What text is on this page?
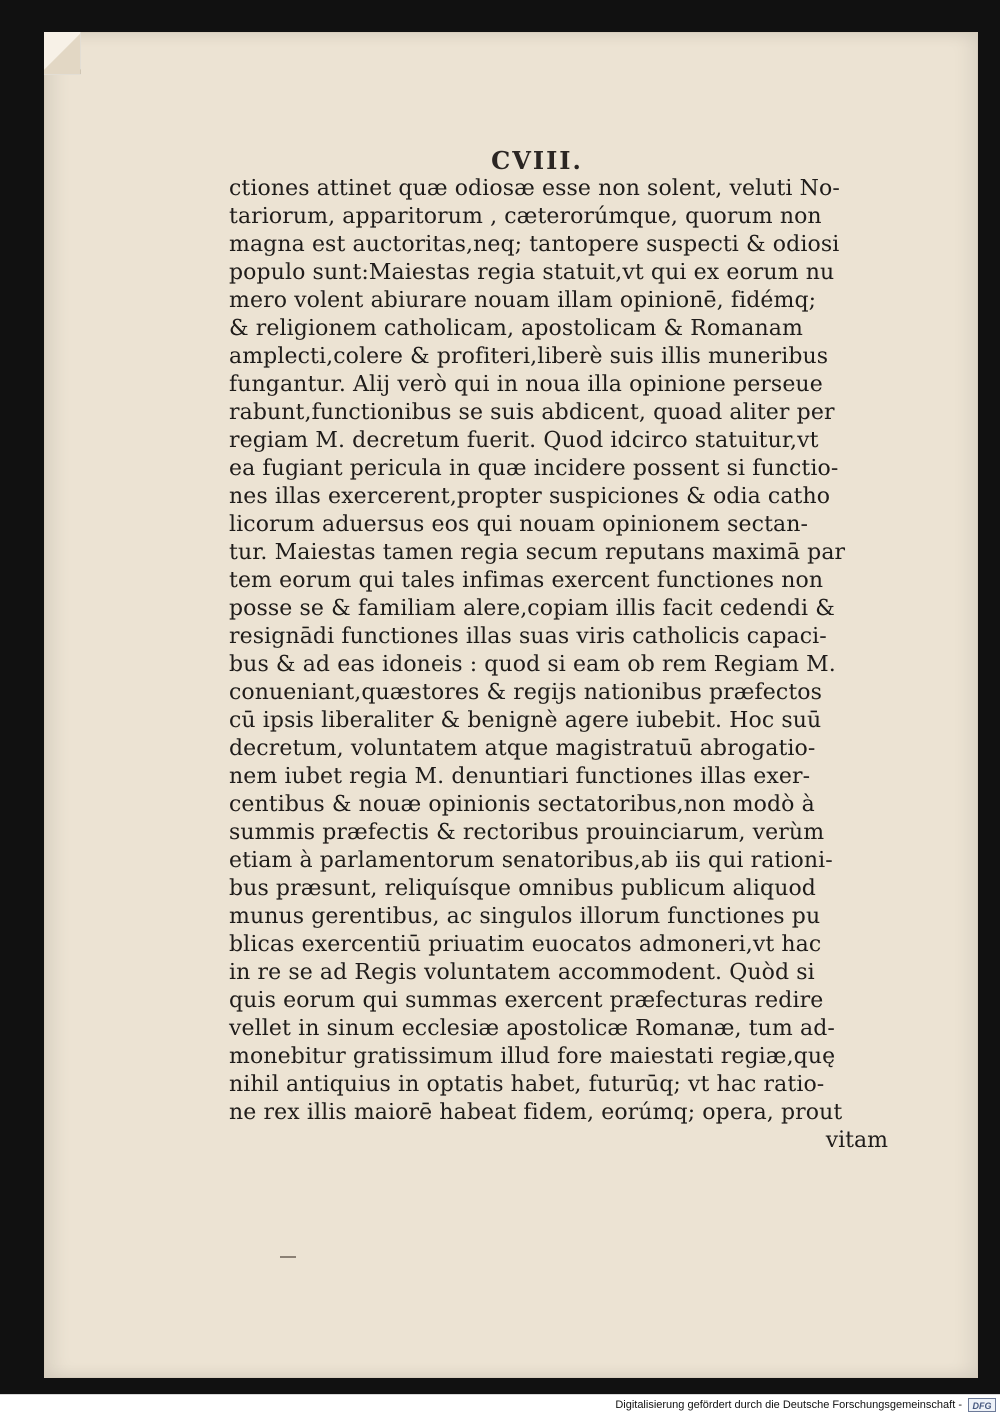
CVIII.
ctiones attinet quæ odiosæ esse non solent, veluti No-
tariorum, apparitorum , cæterorúmque, quorum non
magna est auctoritas,neq; tantopere suspecti & odiosi
populo sunt:Maiestas regia statuit,vt qui ex eorum nu
mero volent abiurare nouam illam opinionē, fidémq;
& religionem catholicam, apostolicam & Romanam
amplecti,colere & profiteri,liberè suis illis muneribus
fungantur. Alij verò qui in noua illa opinione perseue
rabunt,functionibus se suis abdicent, quoad aliter per
regiam M. decretum fuerit. Quod idcirco statuitur,vt
ea fugiant pericula in quæ incidere possent si functio-
nes illas exercerent,propter suspiciones & odia catho
licorum aduersus eos qui nouam opinionem sectan-
tur. Maiestas tamen regia secum reputans maximā par
tem eorum qui tales infimas exercent functiones non
posse se & familiam alere,copiam illis facit cedendi &
resignādi functiones illas suas viris catholicis capaci-
bus & ad eas idoneis : quod si eam ob rem Regiam M.
conueniant,quæstores & regijs nationibus præfectos
cū ipsis liberaliter & benignè agere iubebit. Hoc suū
decretum, voluntatem atque magistratuū abrogatio-
nem iubet regia M. denuntiari functiones illas exer-
centibus & nouæ opinionis sectatoribus,non modò à
summis præfectis & rectoribus prouinciarum, verùm
etiam à parlamentorum senatoribus,ab iis qui rationi-
bus præsunt, reliquísque omnibus publicum aliquod
munus gerentibus, ac singulos illorum functiones pu
blicas exercentiū priuatim euocatos admoneri,vt hac
in re se ad Regis voluntatem accommodent. Quòd si
quis eorum qui summas exercent præfecturas redire
vellet in sinum ecclesiæ apostolicæ Romanæ, tum ad-
monebitur gratissimum illud fore maiestati regiæ,quę
nihil antiquius in optatis habet, futurūq; vt hac ratio-
ne rex illis maiorē habeat fidem, eorúmq; opera, prout
vitam
Digitalisierung gefördert durch die Deutsche Forschungsgemeinschaft -	DFG
